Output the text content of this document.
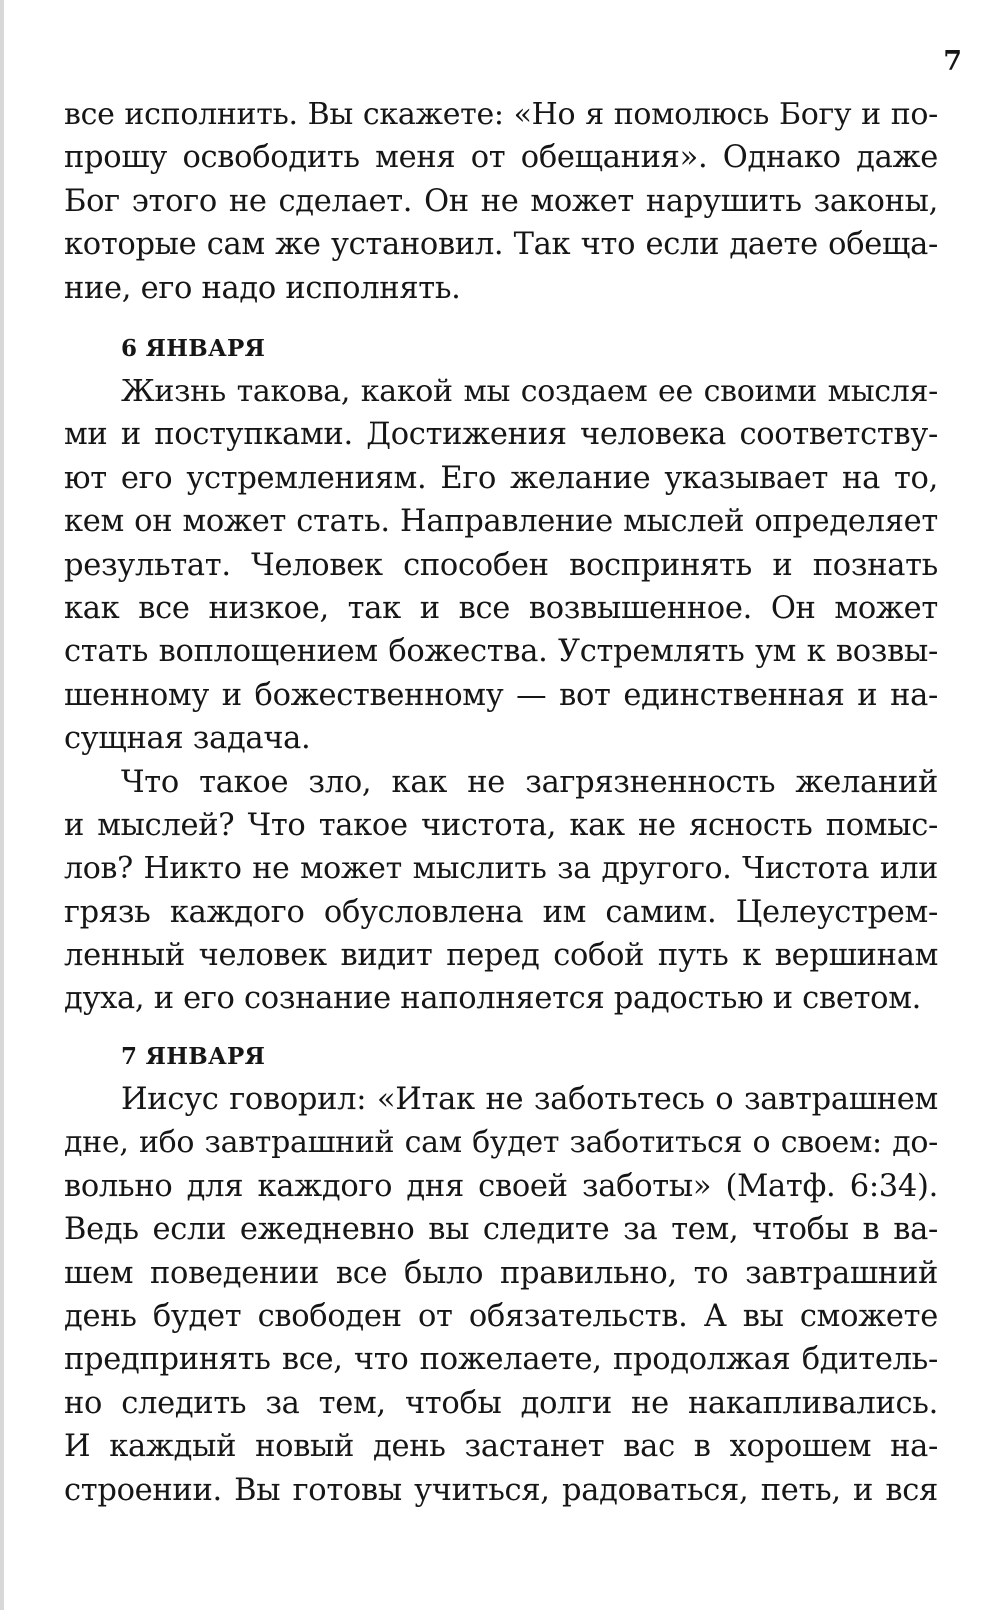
7

все исполнить. Вы скажете: «Но я помолюсь Богу и по-
прошу освободить меня от обещания». Однако даже
Бог этого не сделает. Он не может нарушить законы,
которые сам же установил. Так что если даете обеща-
ние, его надо исполнять.
6 ЯНВАРЯ
Жизнь такова, какой мы создаем ее своими мысля-
ми и поступками. Достижения человека соответству-
ют его устремлениям. Его желание указывает на то,
кем он может стать. Направление мыслей определяет
результат. Человек способен воспринять и познать
как все низкое, так и все возвышенное. Он может
стать воплощением божества. Устремлять ум к возвы-
шенному и божественному — вот единственная и на-
сущная задача.
Что такое зло, как не загрязненность желаний
и мыслей? Что такое чистота, как не ясность помыс-
лов? Никто не может мыслить за другого. Чистота или
грязь каждого обусловлена им самим. Целеустрем-
ленный человек видит перед собой путь к вершинам
духа, и его сознание наполняется радостью и светом.
7 ЯНВАРЯ
Иисус говорил: «Итак не заботьтесь о завтрашнем
дне, ибо завтрашний сам будет заботиться о своем: до-
вольно для каждого дня своей заботы» (Матф. 6:34).
Ведь если ежедневно вы следите за тем, чтобы в ва-
шем поведении все было правильно, то завтрашний
день будет свободен от обязательств. А вы сможете
предпринять все, что пожелаете, продолжая бдитель-
но следить за тем, чтобы долги не накапливались.
И каждый новый день застанет вас в хорошем на-
строении. Вы готовы учиться, радоваться, петь, и вся
